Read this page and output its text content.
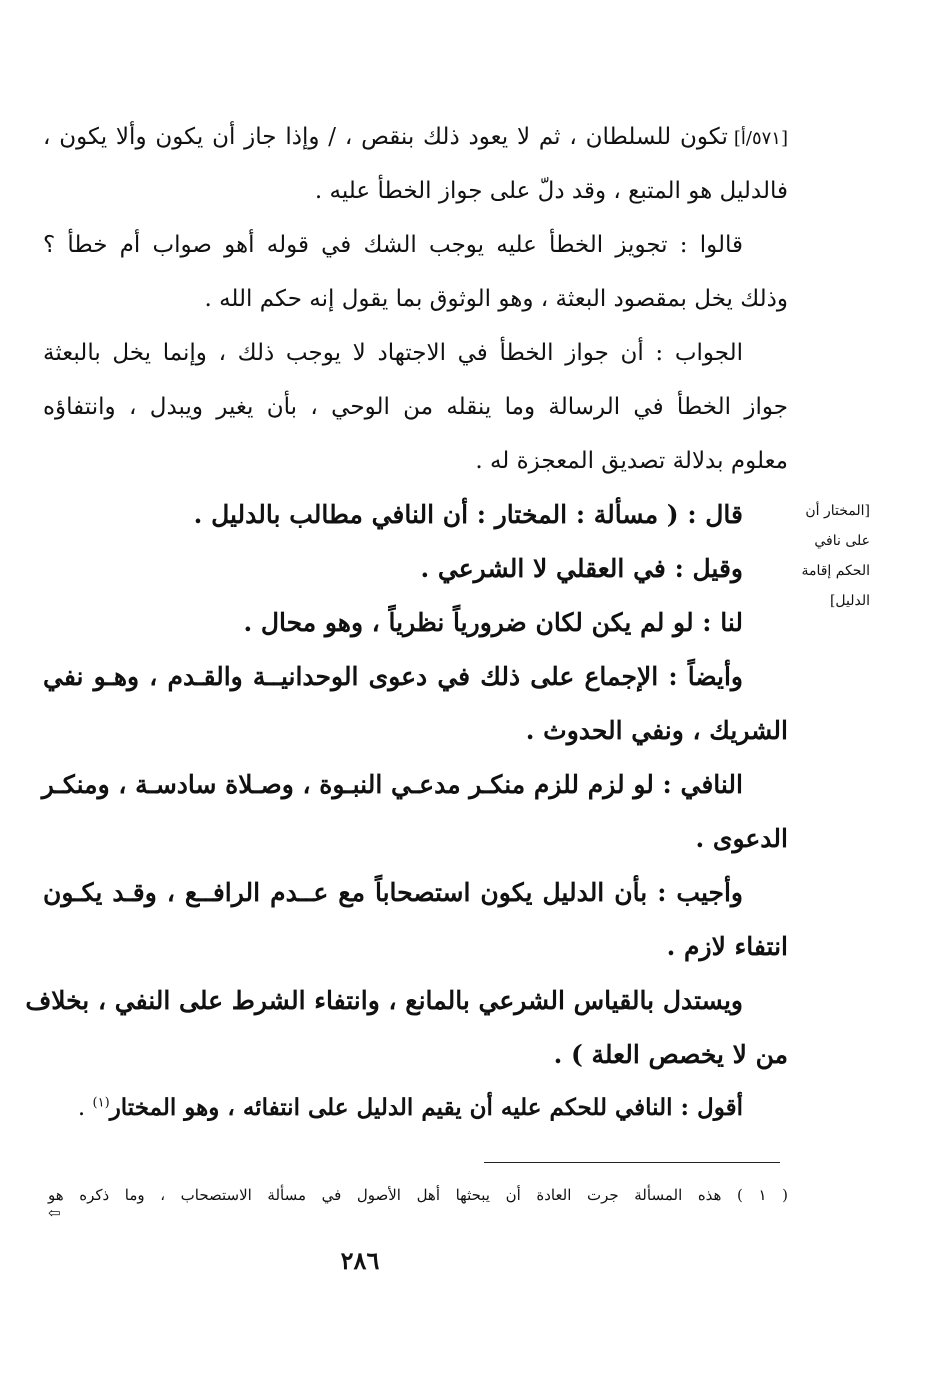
[٥٧١/أ]تكون للسلطان ، ثم لا يعود ذلك بنقص ، / وإذا جاز أن يكون وألا يكون ،
فالدليل هو المتبع ، وقد دلّ على جواز الخطأ عليه .
قالوا : تجويز الخطأ عليه يوجب الشك في قوله أهو صواب أم خطأ ؟
وذلك يخل بمقصود البعثة ، وهو الوثوق بما يقول إنه حكم الله .
الجواب : أن جواز الخطأ في الاجتهاد لا يوجب ذلك ، وإنما يخل بالبعثة
جواز الخطأ في الرسالة وما ينقله من الوحي ، بأن يغير ويبدل ، وانتفاؤه
معلوم بدلالة تصديق المعجزة له .
قال : ( مسألة : المختار : أن النافي مطالب بالدليل .
وقيل : في العقلي لا الشرعي .
لنا : لو لم يكن لكان ضرورياً نظرياً ، وهو محال .
وأيضاً : الإجماع على ذلك في دعوى الوحدانيــة والقـدم ، وهـو نفي
الشريك ، ونفي الحدوث .
النافي : لو لزم للزم منكـر مدعـي النبـوة ، وصـلاة سادسـة ، ومنكـر
الدعوى .
وأجيب : بأن الدليل يكون استصحاباً مع عــدم الرافــع ، وقـد يكـون
انتفاء لازم .
ويستدل بالقياس الشرعي بالمانع ، وانتفاء الشرط على النفي ، بخلاف
من لا يخصص العلة ) .
أقول : النافي للحكم عليه أن يقيم الدليل على انتفائه ، وهو المختار$^{(١)}$ .
[المختار أن
على نافي
الحكم إقامة
الدليل]
( ١ ) هذه المسألة جرت العادة أن يبحثها أهل الأصول في مسألة الاستصحاب ، وما ذكره هو
⇦
٢٨٦
